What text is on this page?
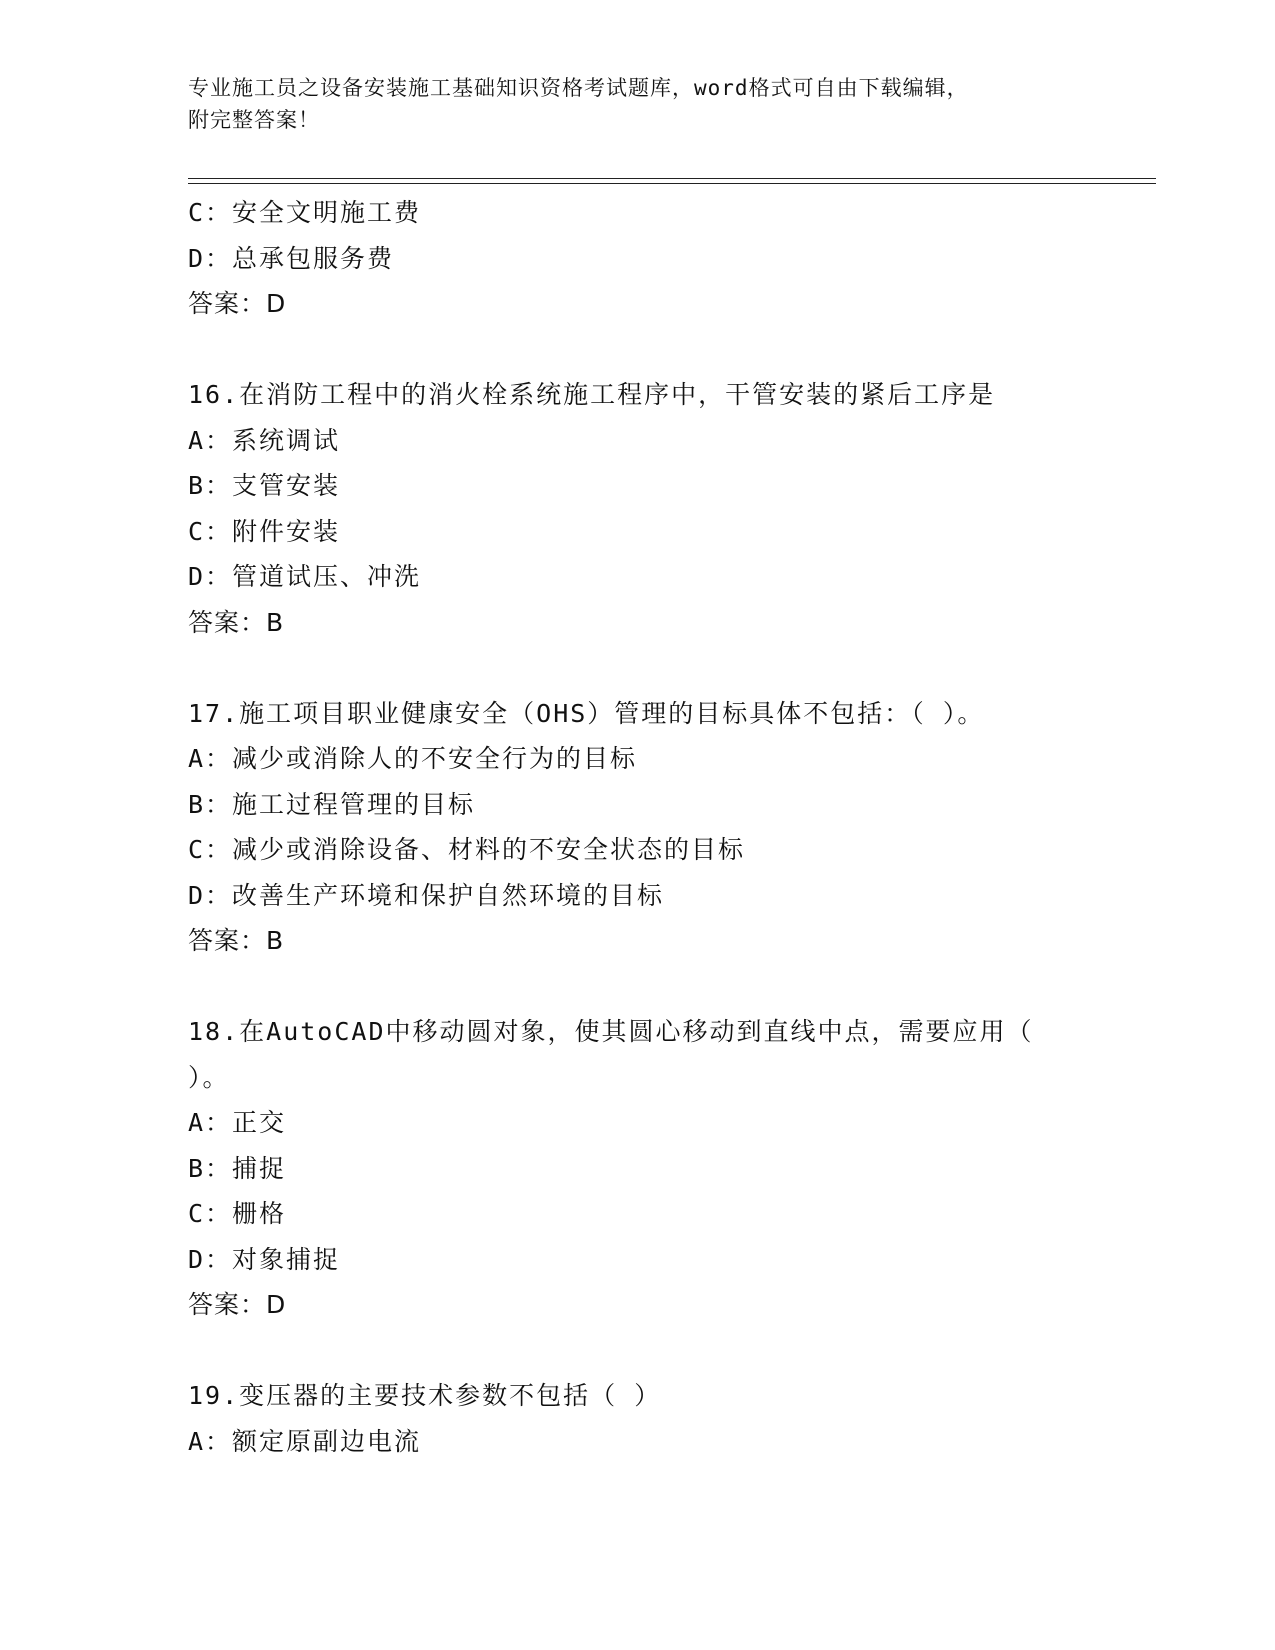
专业施工员之设备安装施工基础知识资格考试题库，word格式可自由下载编辑，
附完整答案！
C：安全文明施工费
D：总承包服务费
答案：D
16.在消防工程中的消火栓系统施工程序中，干管安装的紧后工序是
A：系统调试
B：支管安装
C：附件安装
D：管道试压、冲洗
答案：B
17.施工项目职业健康安全（OHS）管理的目标具体不包括：（ ）。
A：减少或消除人的不安全行为的目标
B：施工过程管理的目标
C：减少或消除设备、材料的不安全状态的目标
D：改善生产环境和保护自然环境的目标
答案：B
18.在AutoCAD中移动圆对象，使其圆心移动到直线中点，需要应用（
）。
A：正交
B：捕捉
C：栅格
D：对象捕捉
答案：D
19.变压器的主要技术参数不包括（ ）
A：额定原副边电流
